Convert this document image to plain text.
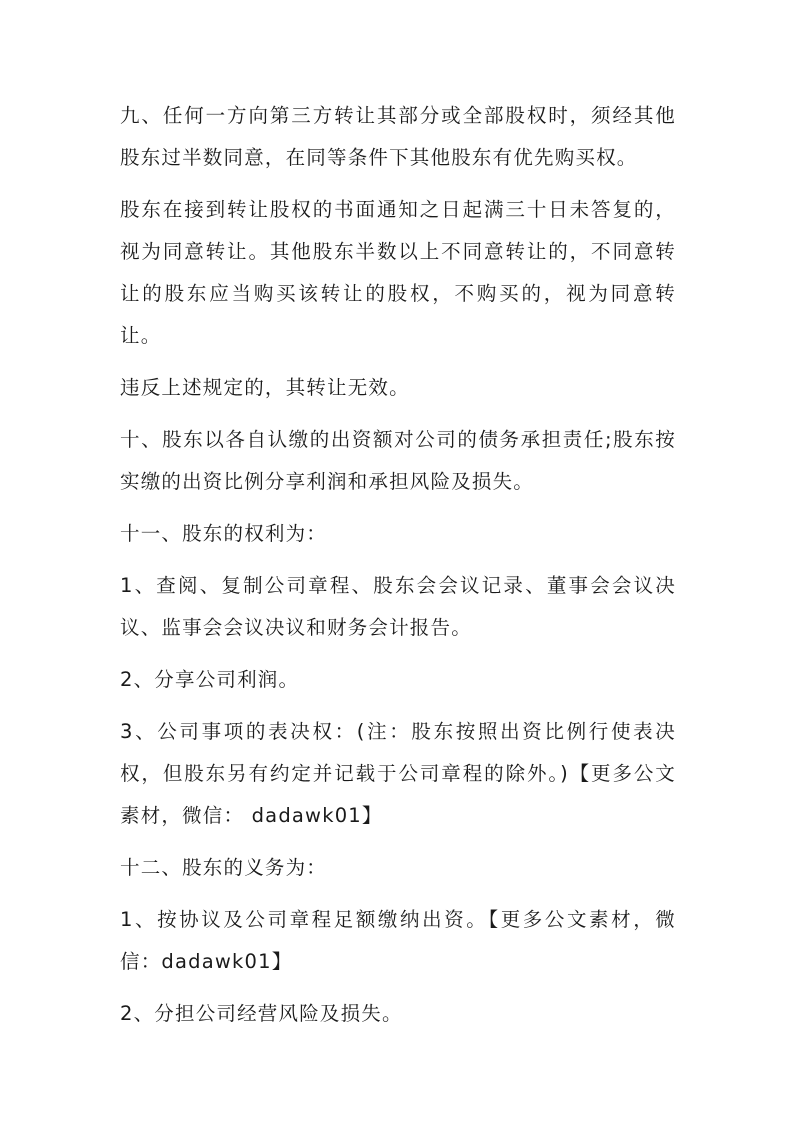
九、任何一方向第三方转让其部分或全部股权时，须经其他股东过半数同意，在同等条件下其他股东有优先购买权。

股东在接到转让股权的书面通知之日起满三十日未答复的，视为同意转让。其他股东半数以上不同意转让的，不同意转让的股东应当购买该转让的股权，不购买的，视为同意转让。

违反上述规定的，其转让无效。

十、股东以各自认缴的出资额对公司的债务承担责任;股东按实缴的出资比例分享利润和承担风险及损失。

十一、股东的权利为：

1、查阅、复制公司章程、股东会会议记录、董事会会议决议、监事会会议决议和财务会计报告。

2、分享公司利润。

3、公司事项的表决权：(注：股东按照出资比例行使表决权，但股东另有约定并记载于公司章程的除外。)【更多公文素材，微信： dadawk01】

十二、股东的义务为：

1、按协议及公司章程足额缴纳出资。【更多公文素材，微信：dadawk01】

2、分担公司经营风险及损失。
